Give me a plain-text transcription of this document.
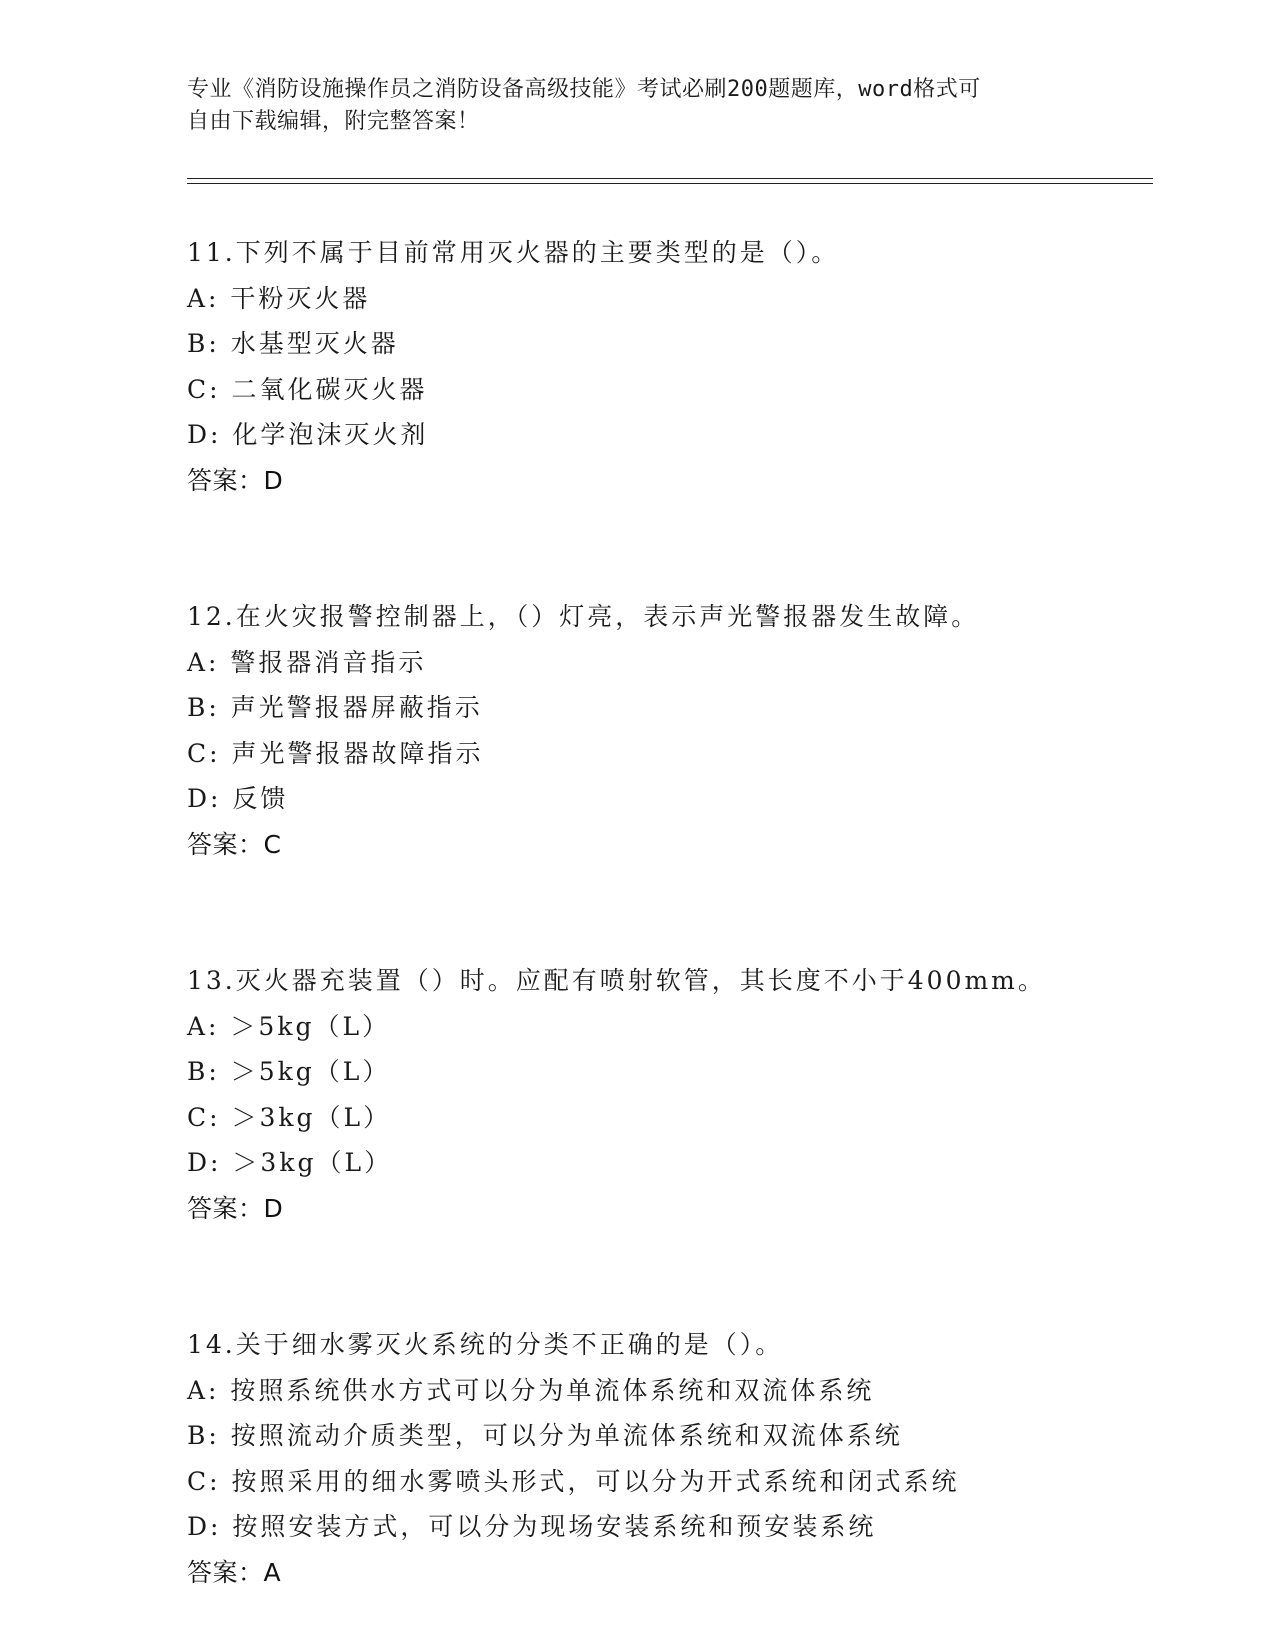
专业《消防设施操作员之消防设备高级技能》考试必刷200题题库，word格式可
自由下载编辑，附完整答案！
11.下列不属于目前常用灭火器的主要类型的是（）。
A: 干粉灭火器
B: 水基型灭火器
C: 二氧化碳灭火器
D: 化学泡沫灭火剂
答案：D
12.在火灾报警控制器上，（）灯亮，表示声光警报器发生故障。
A: 警报器消音指示
B: 声光警报器屏蔽指示
C: 声光警报器故障指示
D: 反馈
答案：C
13.灭火器充装置（）时。应配有喷射软管，其长度不小于400mm。
A: ＞5kg（L）
B: ＞5kg（L）
C: ＞3kg（L）
D: ＞3kg（L）
答案：D
14.关于细水雾灭火系统的分类不正确的是（）。
A: 按照系统供水方式可以分为单流体系统和双流体系统
B: 按照流动介质类型，可以分为单流体系统和双流体系统
C: 按照采用的细水雾喷头形式，可以分为开式系统和闭式系统
D: 按照安装方式，可以分为现场安装系统和预安装系统
答案：A
